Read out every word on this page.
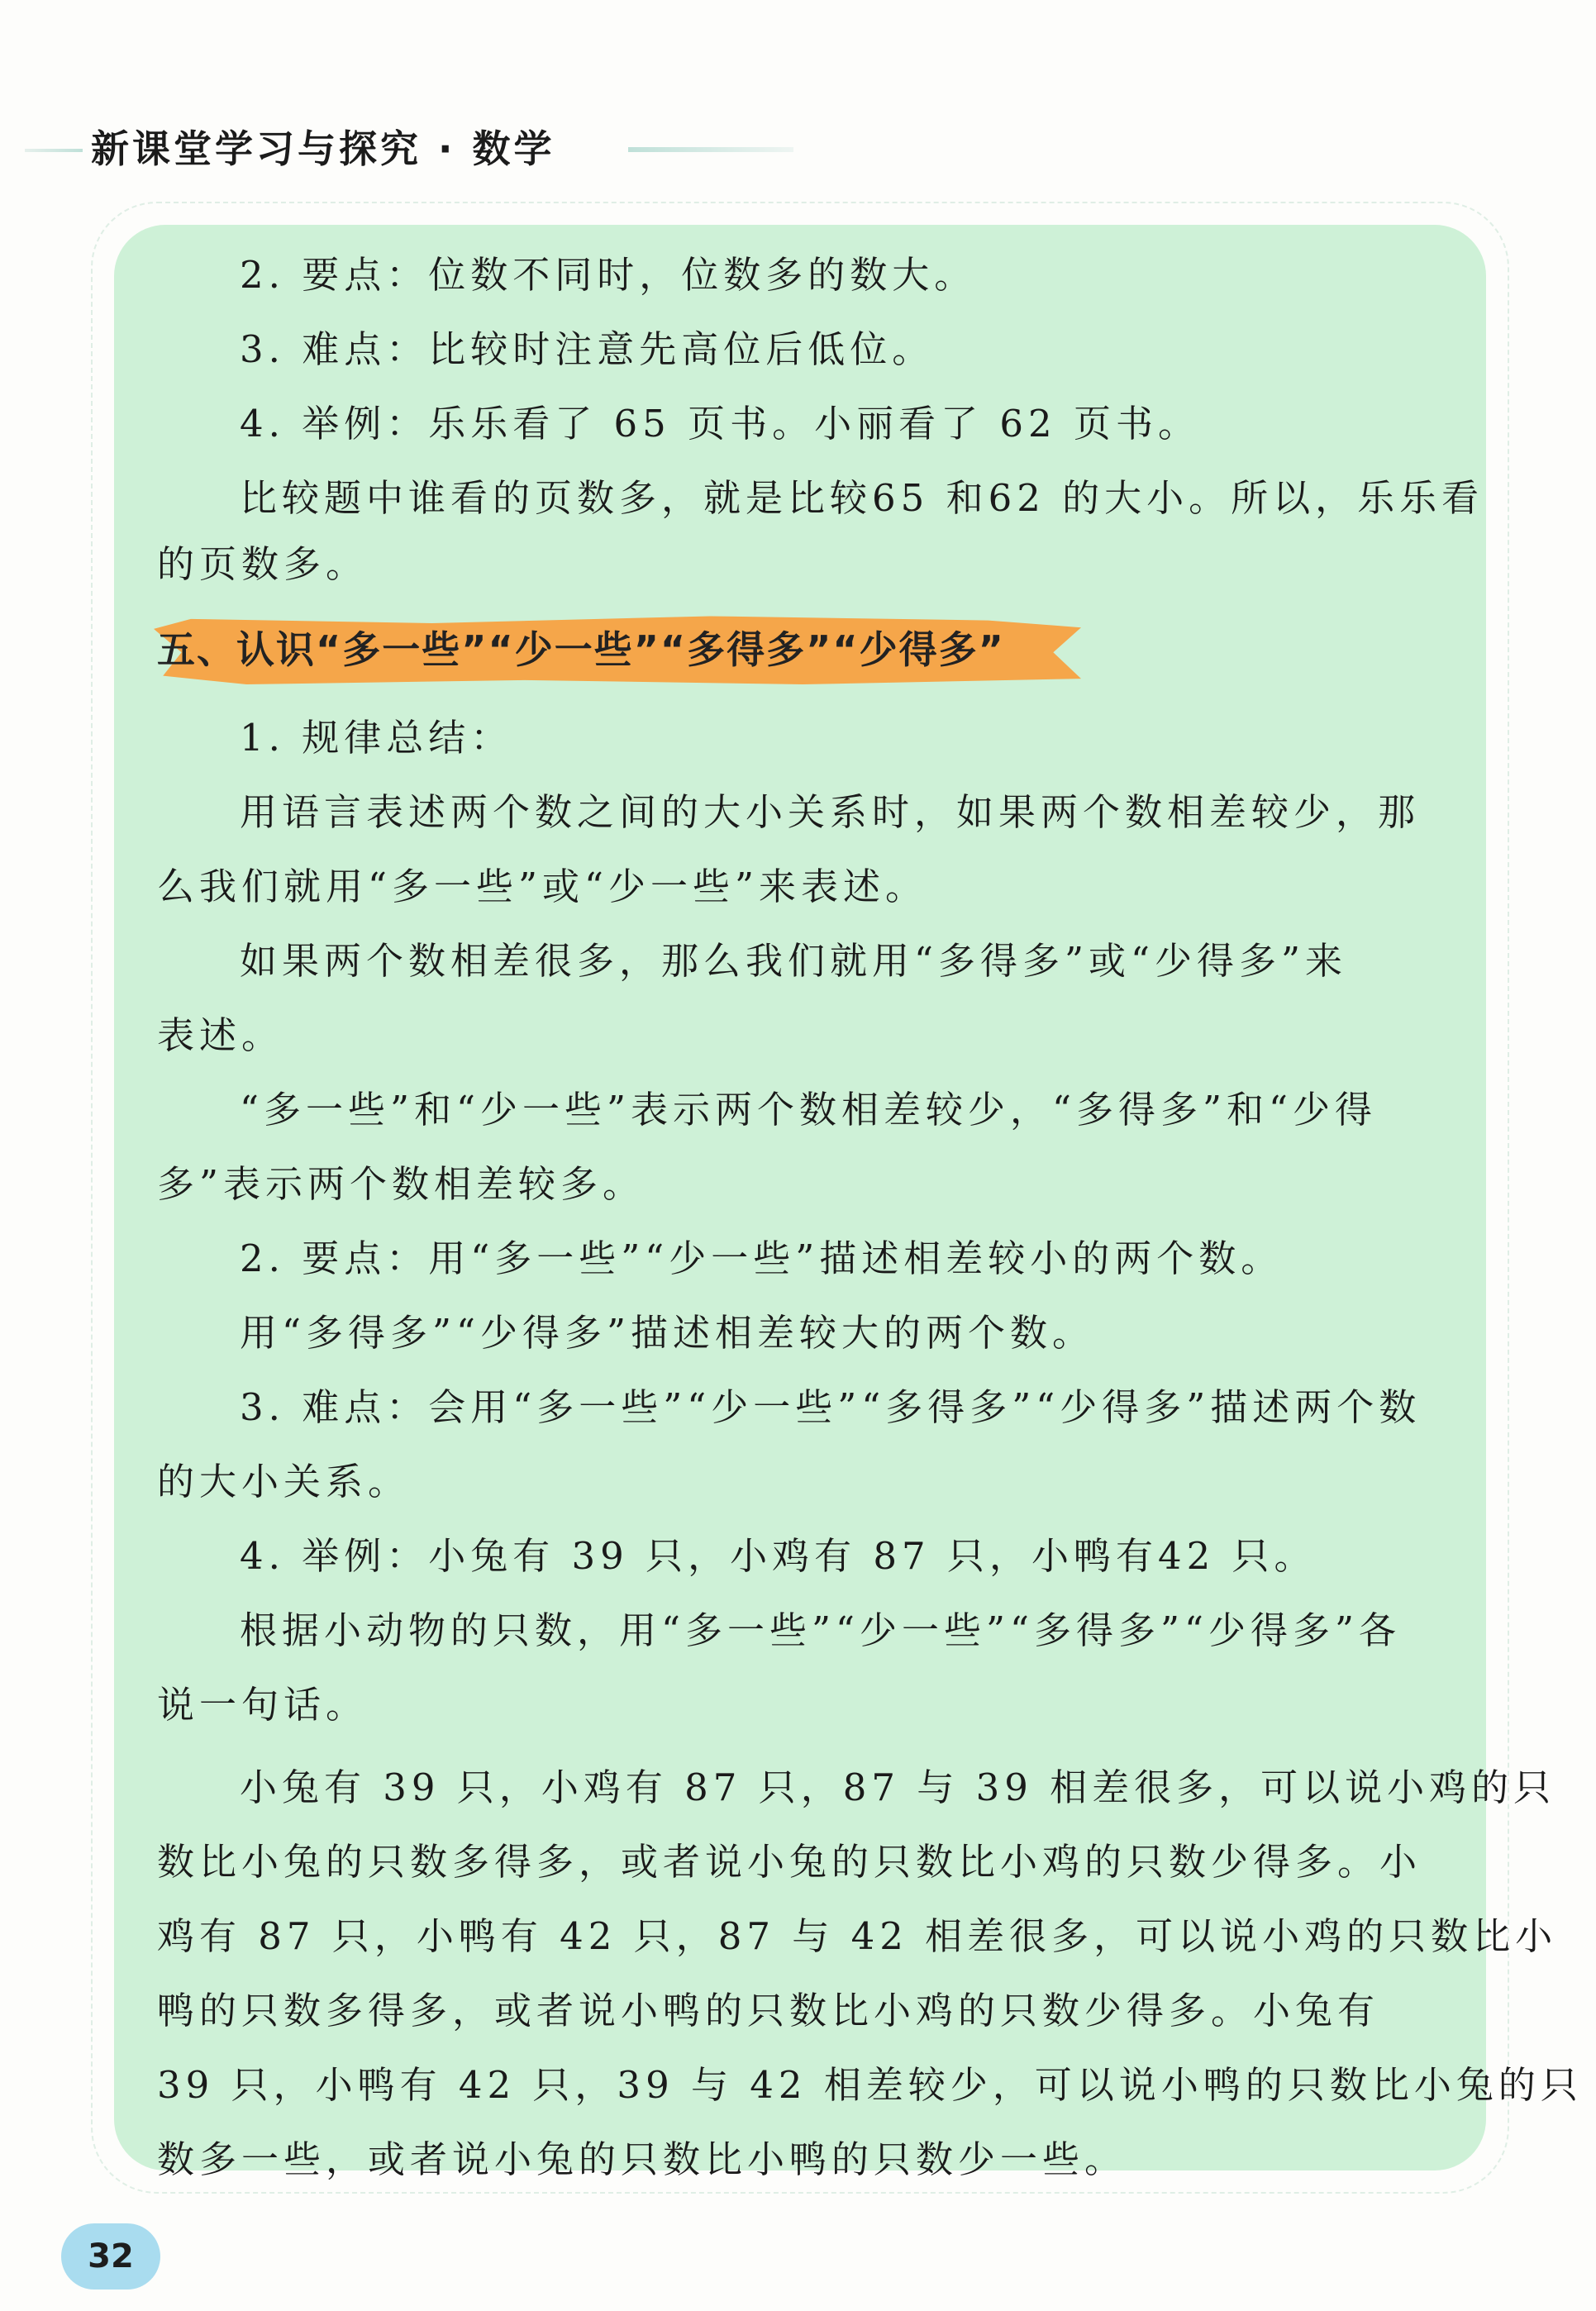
新课堂学习与探究 · 数学
2. 要点：位数不同时，位数多的数大。
3. 难点：比较时注意先高位后低位。
4. 举例：乐乐看了 65 页书。小丽看了 62 页书。
比较题中谁看的页数多，就是比较65 和62 的大小。所以，乐乐看
的页数多。
五、认识“多一些”“少一些”“多得多”“少得多”
1. 规律总结：
用语言表述两个数之间的大小关系时，如果两个数相差较少，那
么我们就用“多一些”或“少一些”来表述。
如果两个数相差很多，那么我们就用“多得多”或“少得多”来
表述。
“多一些”和“少一些”表示两个数相差较少，“多得多”和“少得
多”表示两个数相差较多。
2. 要点：用“多一些”“少一些”描述相差较小的两个数。
用“多得多”“少得多”描述相差较大的两个数。
3. 难点：会用“多一些”“少一些”“多得多”“少得多”描述两个数
的大小关系。
4. 举例：小兔有 39 只，小鸡有 87 只，小鸭有42 只。
根据小动物的只数，用“多一些”“少一些”“多得多”“少得多”各
说一句话。
小兔有 39 只，小鸡有 87 只，87 与 39 相差很多，可以说小鸡的只
数比小兔的只数多得多，或者说小兔的只数比小鸡的只数少得多。小
鸡有 87 只，小鸭有 42 只，87 与 42 相差很多，可以说小鸡的只数比小
鸭的只数多得多，或者说小鸭的只数比小鸡的只数少得多。小兔有
39 只，小鸭有 42 只，39 与 42 相差较少，可以说小鸭的只数比小兔的只
数多一些，或者说小兔的只数比小鸭的只数少一些。
32
